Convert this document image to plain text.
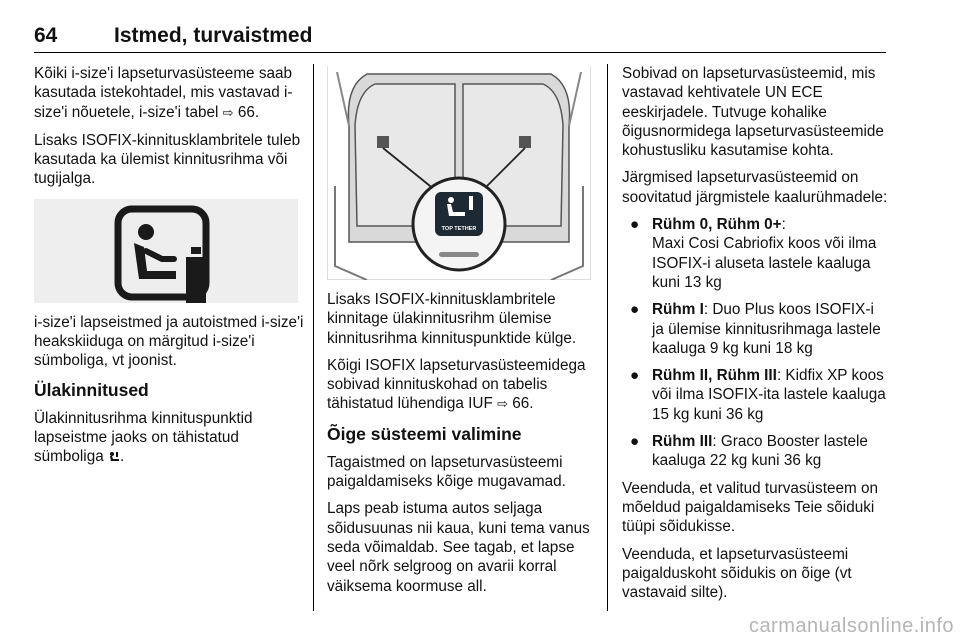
64	Istmed, turvaistmed

Kõiki i-size'i lapseturvasüsteeme saab kasutada istekohtadel, mis vastavad i-size'i nõuetele, i-size'i tabel ⇨ 66.

Lisaks ISOFIX-kinnitusklambritele tuleb kasutada ka ülemist kinnitusrihma või tugijalga.

i-size'i lapseistmed ja autoistmed i-size'i heakskiiduga on märgitud i-size'i sümboliga, vt joonist.

Ülakinnitused

Ülakinnitusrihma kinnituspunktid lapseistme jaoks on tähistatud sümboliga .

TOP TETHER

Lisaks ISOFIX-kinnitusklambritele kinnitage ülakinnitusrihm ülemise kinnitusrihma kinnituspunktide külge.

Kõigi ISOFIX lapseturvasüsteemidega sobivad kinnituskohad on tabelis tähistatud lühendiga IUF ⇨ 66.

Õige süsteemi valimine

Tagaistmed on lapseturvasüsteemi paigaldamiseks kõige mugavamad.

Laps peab istuma autos seljaga sõidusuunas nii kaua, kuni tema vanus seda võimaldab. See tagab, et lapse veel nõrk selgroog on avarii korral väiksema koormuse all.

Sobivad on lapseturvasüsteemid, mis vastavad kehtivatele UN ECE eeskirjadele. Tutvuge kohalike õigusnormidega lapseturvasüsteemide kohustusliku kasutamise kohta.

Järgmised lapseturvasüsteemid on soovitatud järgmistele kaalurühmadele:

● Rühm 0, Rühm 0+:
Maxi Cosi Cabriofix koos või ilma ISOFIX-i aluseta lastele kaaluga kuni 13 kg
● Rühm I: Duo Plus koos ISOFIX-i ja ülemise kinnitusrihmaga lastele kaaluga 9 kg kuni 18 kg
● Rühm II, Rühm III: Kidfix XP koos või ilma ISOFIX-ita lastele kaaluga 15 kg kuni 36 kg
● Rühm III: Graco Booster lastele kaaluga 22 kg kuni 36 kg

Veenduda, et valitud turvasüsteem on mõeldud paigaldamiseks Teie sõiduki tüüpi sõidukisse.

Veenduda, et lapseturvasüsteemi paigalduskoht sõidukis on õige (vt vastavaid silte).

carmanualsonline.info
